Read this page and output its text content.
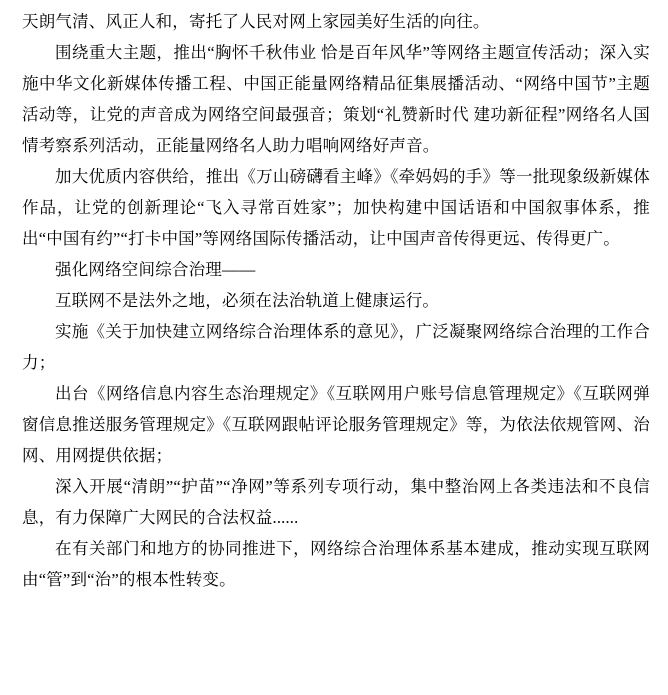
天朗气清、风正人和，寄托了人民对网上家园美好生活的向往。

围绕重大主题，推出“胸怀千秋伟业 恰是百年风华”等网络主题宣传活动；深入实施中华文化新媒体传播工程、中国正能量网络精品征集展播活动、“网络中国节”主题活动等，让党的声音成为网络空间最强音；策划“礼赞新时代 建功新征程”网络名人国情考察系列活动，正能量网络名人助力唱响网络好声音。

加大优质内容供给，推出《万山磅礴看主峰》《牵妈妈的手》等一批现象级新媒体作品，让党的创新理论“飞入寻常百姓家”；加快构建中国话语和中国叙事体系，推出“中国有约”“打卡中国”等网络国际传播活动，让中国声音传得更远、传得更广。

强化网络空间综合治理——

互联网不是法外之地，必须在法治轨道上健康运行。

实施《关于加快建立网络综合治理体系的意见》，广泛凝聚网络综合治理的工作合力；

出台《网络信息内容生态治理规定》《互联网用户账号信息管理规定》《互联网弹窗信息推送服务管理规定》《互联网跟帖评论服务管理规定》等，为依法依规管网、治网、用网提供依据；

深入开展“清朗”“护苗”“净网”等系列专项行动，集中整治网上各类违法和不良信息，有力保障广大网民的合法权益......

在有关部门和地方的协同推进下，网络综合治理体系基本建成，推动实现互联网由“管”到“治”的根本性转变。
